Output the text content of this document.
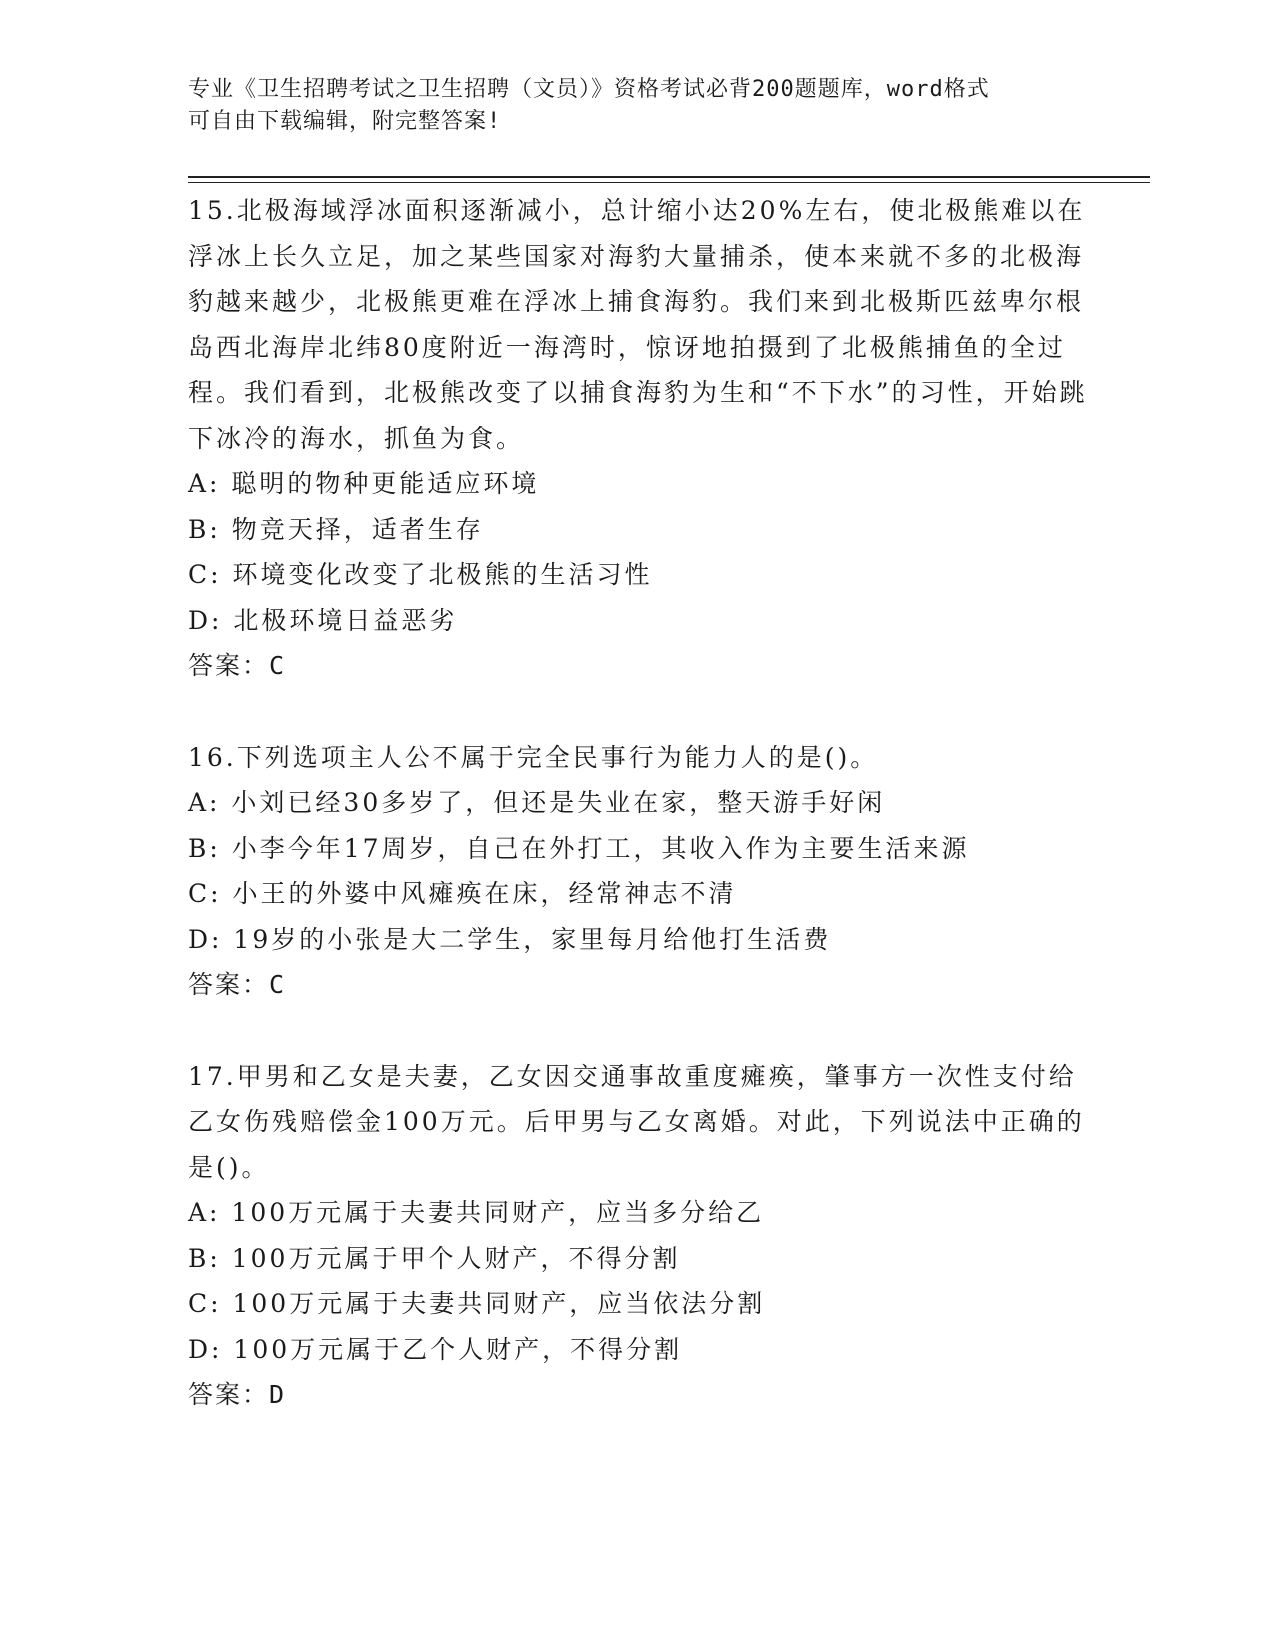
专业《卫生招聘考试之卫生招聘（文员）》资格考试必背200题题库，word格式

可自由下载编辑，附完整答案!

15.北极海域浮冰面积逐渐减小，总计缩小达20%左右，使北极熊难以在浮冰上长久立足，加之某些国家对海豹大量捕杀，使本来就不多的北极海豹越来越少，北极熊更难在浮冰上捕食海豹。我们来到北极斯匹兹卑尔根岛西北海岸北纬80度附近一海湾时，惊讶地拍摄到了北极熊捕鱼的全过程。我们看到，北极熊改变了以捕食海豹为生和“不下水”的习性，开始跳下冰冷的海水，抓鱼为食。

A: 聪明的物种更能适应环境

B: 物竞天择，适者生存

C: 环境变化改变了北极熊的生活习性

D: 北极环境日益恶劣

答案：C

16.下列选项主人公不属于完全民事行为能力人的是()。

A: 小刘已经30多岁了，但还是失业在家，整天游手好闲

B: 小李今年17周岁，自己在外打工，其收入作为主要生活来源

C: 小王的外婆中风瘫痪在床，经常神志不清

D: 19岁的小张是大二学生，家里每月给他打生活费

答案：C

17.甲男和乙女是夫妻，乙女因交通事故重度瘫痪，肇事方一次性支付给乙女伤残赔偿金100万元。后甲男与乙女离婚。对此，下列说法中正确的是()。

A: 100万元属于夫妻共同财产，应当多分给乙

B: 100万元属于甲个人财产，不得分割

C: 100万元属于夫妻共同财产，应当依法分割

D: 100万元属于乙个人财产，不得分割

答案：D
